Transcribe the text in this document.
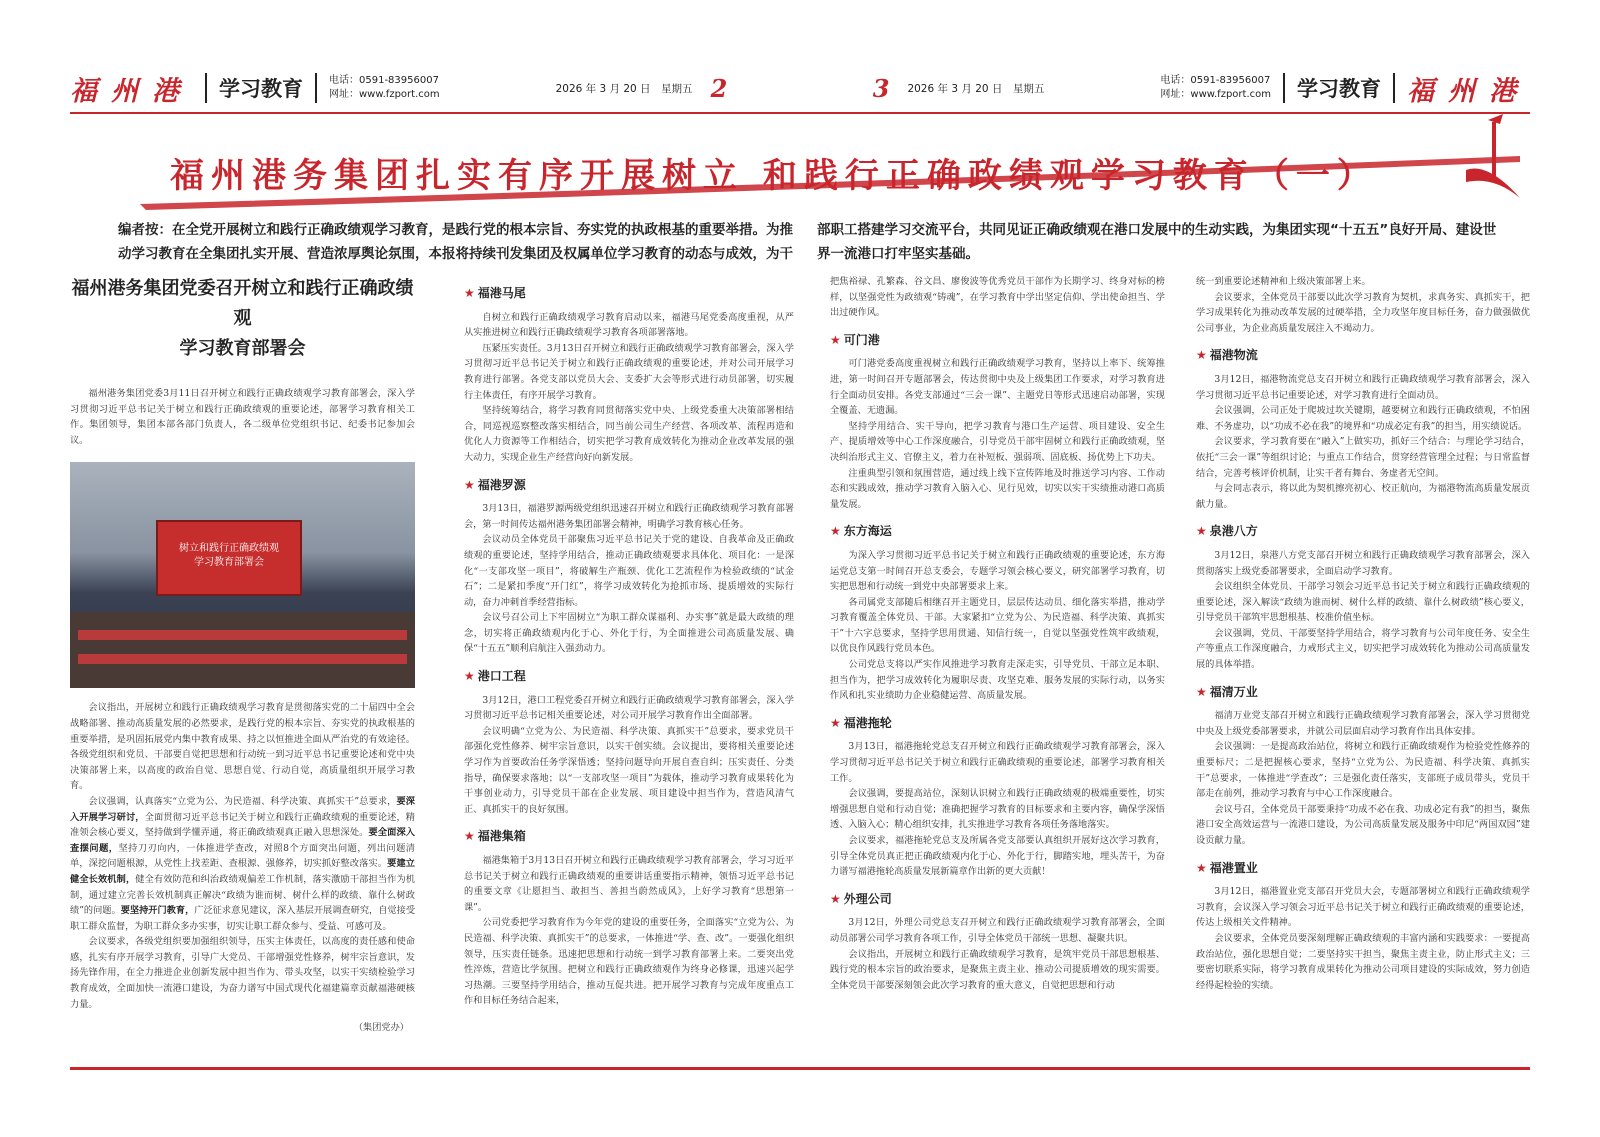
福州港 学习教育	电话：0591-83956007
网址：www.fzport.com	2026 年 3 月 20 日　星期五 2	3 2026 年 3 月 20 日　星期五
电话：0591-83956007
网址：www.fzport.com 学习教育 福州港
福州港务集团扎实有序开展树立 和践行正确政绩观学习教育（一）
编者按：在全党开展树立和践行正确政绩观学习教育，是践行党的根本宗旨、夯实党的执政根基的重要举措。为推动学习教育在全集团扎实开展、营造浓厚舆论氛围，本报将持续刊发集团及权属单位学习教育的动态与成效，为干部职工搭建学习交流平台，共同见证正确政绩观在港口发展中的生动实践，为集团实现“十五五”良好开局、建设世界一流港口打牢坚实基础。
福州港务集团党委召开树立和践行正确政绩观
学习教育部署会

福州港务集团党委3月11日召开树立和践行正确政绩观学习教育部署会，深入学习贯彻习近平总书记关于树立和践行正确政绩观的重要论述，部署学习教育相关工作。集团领导，集团本部各部门负责人，各二级单位党组织书记、纪委书记参加会议。

树立和践行正确政绩观
学习教育部署会

会议指出，开展树立和践行正确政绩观学习教育是贯彻落实党的二十届四中全会战略部署、推动高质量发展的必然要求，是践行党的根本宗旨、夯实党的执政根基的重要举措，是巩固拓展党内集中教育成果、持之以恒推进全面从严治党的有效途径。各级党组织和党员、干部要自觉把思想和行动统一到习近平总书记重要论述和党中央决策部署上来，以高度的政治自觉、思想自觉、行动自觉，高质量组织开展学习教育。

会议强调，认真落实“立党为公、为民造福、科学决策、真抓实干”总要求，要深入开展学习研讨，全面贯彻习近平总书记关于树立和践行正确政绩观的重要论述，精准领会核心要义，坚持做到学懂弄通，将正确政绩观真正融入思想深处。要全面深入查摆问题，坚持刀刃向内，一体推进学查改，对照8个方面突出问题，列出问题清单，深挖问题根源，从党性上找差距、查根源、强修养，切实抓好整改落实。要建立健全长效机制，健全有效防范和纠治政绩观偏差工作机制，落实激励干部担当作为机制，通过建立完善长效机制真正解决“政绩为谁而树、树什么样的政绩、靠什么树政绩”的问题。要坚持开门教育，广泛征求意见建议，深入基层开展调查研究，自觉接受职工群众监督，为职工群众多办实事，切实让职工群众参与、受益、可感可及。

会议要求，各级党组织要加强组织领导，压实主体责任，以高度的责任感和使命感，扎实有序开展学习教育，引导广大党员、干部增强党性修养，树牢宗旨意识，发扬先锋作用，在全力推进企业创新发展中担当作为、带头攻坚，以实干实绩检验学习教育成效，全面加快一流港口建设，为奋力谱写中国式现代化福建篇章贡献福港硬核力量。

（集团党办）
★ 福港马尾

自树立和践行正确政绩观学习教育启动以来，福港马尾党委高度重视，从严从实推进树立和践行正确政绩观学习教育各项部署落地。

压紧压实责任。3月13日召开树立和践行正确政绩观学习教育部署会，深入学习贯彻习近平总书记关于树立和践行正确政绩观的重要论述，并对公司开展学习教育进行部署。各党支部以党员大会、支委扩大会等形式进行动员部署，切实履行主体责任，有序开展学习教育。

坚持统筹结合，将学习教育同贯彻落实党中央、上级党委重大决策部署相结合，同巡视巡察整改落实相结合，同当前公司生产经营、各项改革、流程再造和优化人力资源等工作相结合，切实把学习教育成效转化为推动企业改革发展的强大动力，实现企业生产经营向好向新发展。

★ 福港罗源

3月13日，福港罗源两级党组织迅速召开树立和践行正确政绩观学习教育部署会，第一时间传达福州港务集团部署会精神，明确学习教育核心任务。

会议动员全体党员干部聚焦习近平总书记关于党的建设、自我革命及正确政绩观的重要论述，坚持学用结合，推动正确政绩观要求具体化、项目化：一是深化“一支部攻坚一项目”，将破解生产瓶颈、优化工艺流程作为检验政绩的“试金石”；二是紧扣季度“开门红”，将学习成效转化为抢抓市场、提质增效的实际行动，奋力冲刺首季经营指标。

会议号召公司上下牢固树立“为职工群众谋福利、办实事”就是最大政绩的理念，切实将正确政绩观内化于心、外化于行，为全面推进公司高质量发展、确保“十五五”顺利启航注入强劲动力。

★ 港口工程

3月12日，港口工程党委召开树立和践行正确政绩观学习教育部署会，深入学习贯彻习近平总书记相关重要论述，对公司开展学习教育作出全面部署。

会议明确“立党为公、为民造福、科学决策、真抓实干”总要求，要求党员干部强化党性修养、树牢宗旨意识，以实干创实绩。会议提出，要将相关重要论述学习作为首要政治任务学深悟透；坚持问题导向开展自查自纠；压实责任、分类指导，确保要求落地；以“一支部攻坚一项目”为载体，推动学习教育成果转化为干事创业动力，引导党员干部在企业发展、项目建设中担当作为，营造风清气正、真抓实干的良好氛围。

★ 福港集箱

福港集箱于3月13日召开树立和践行正确政绩观学习教育部署会，学习习近平总书记关于树立和践行正确政绩观的重要讲话重要指示精神，领悟习近平总书记的重要文章《让愿担当、敢担当、善担当蔚然成风》，上好学习教育“思想第一课”。

公司党委把学习教育作为今年党的建设的重要任务，全面落实“立党为公、为民造福、科学决策、真抓实干”的总要求，一体推进“学、查、改”。一要强化组织领导，压实责任链条。迅速把思想和行动统一到学习教育部署上来。二要突出党性淬炼，营造比学氛围。把树立和践行正确政绩观作为终身必修课，迅速兴起学习热潮。三要坚持学用结合，推动互促共进。把开展学习教育与完成年度重点工作和目标任务结合起来，

把焦裕禄、孔繁森、谷文昌、廖俊波等优秀党员干部作为长期学习、终身对标的榜样，以坚强党性为政绩观“铸魂”，在学习教育中学出坚定信仰、学出使命担当、学出过硬作风。

★ 可门港

可门港党委高度重视树立和践行正确政绩观学习教育，坚持以上率下、统筹推进，第一时间召开专题部署会，传达贯彻中央及上级集团工作要求，对学习教育进行全面动员安排。各党支部通过“三会一课”、主题党日等形式迅速启动部署，实现全覆盖、无遗漏。

坚持学用结合、实干导向，把学习教育与港口生产运营、项目建设、安全生产、提质增效等中心工作深度融合，引导党员干部牢固树立和践行正确政绩观，坚决纠治形式主义、官僚主义，着力在补短板、强弱项、固底板、扬优势上下功夫。

注重典型引领和氛围营造，通过线上线下宣传阵地及时推送学习内容、工作动态和实践成效，推动学习教育入脑入心、见行见效，切实以实干实绩推动港口高质量发展。

★ 东方海运

为深入学习贯彻习近平总书记关于树立和践行正确政绩观的重要论述，东方海运党总支第一时间召开总支委会，专题学习领会核心要义，研究部署学习教育，切实把思想和行动统一到党中央部署要求上来。

各司属党支部随后相继召开主题党日，层层传达动员、细化落实举措，推动学习教育覆盖全体党员、干部。大家紧扣“立党为公、为民造福、科学决策、真抓实干”十六字总要求，坚持学思用贯通、知信行统一，自觉以坚强党性筑牢政绩观，以优良作风践行党员本色。

公司党总支将以严实作风推进学习教育走深走实，引导党员、干部立足本职、担当作为，把学习成效转化为履职尽责、攻坚克难、服务发展的实际行动，以务实作风和扎实业绩助力企业稳健运营、高质量发展。

★ 福港拖轮

3月13日，福港拖轮党总支召开树立和践行正确政绩观学习教育部署会，深入学习贯彻习近平总书记关于树立和践行正确政绩观的重要论述，部署学习教育相关工作。

会议强调，要提高站位，深刻认识树立和践行正确政绩观的极端重要性，切实增强思想自觉和行动自觉；准确把握学习教育的目标要求和主要内容，确保学深悟透、入脑入心；精心组织安排，扎实推进学习教育各项任务落地落实。

会议要求，福港拖轮党总支及所属各党支部要认真组织开展好这次学习教育，引导全体党员真正把正确政绩观内化于心、外化于行，脚踏实地，埋头苦干，为奋力谱写福港拖轮高质量发展新篇章作出新的更大贡献！

★ 外理公司

3月12日，外理公司党总支召开树立和践行正确政绩观学习教育部署会，全面动员部署公司学习教育各项工作，引导全体党员干部统一思想、凝聚共识。

会议指出，开展树立和践行正确政绩观学习教育，是筑牢党员干部思想根基、践行党的根本宗旨的政治要求，是聚焦主责主业、推动公司提质增效的现实需要。全体党员干部要深刻领会此次学习教育的重大意义，自觉把思想和行动

统一到重要论述精神和上级决策部署上来。

会议要求，全体党员干部要以此次学习教育为契机，求真务实、真抓实干，把学习成果转化为推动改革发展的过硬举措，全力攻坚年度目标任务，奋力做强做优公司事业，为企业高质量发展注入不竭动力。

★ 福港物流

3月12日，福港物流党总支召开树立和践行正确政绩观学习教育部署会，深入学习贯彻习近平总书记重要论述，对学习教育进行全面动员。

会议强调，公司正处于爬坡过坎关键期，越要树立和践行正确政绩观，不怕困难、不务虚功，以“功成不必在我”的境界和“功成必定有我”的担当，用实绩说话。

会议要求，学习教育要在“融入”上做实功，抓好三个结合：与理论学习结合，依托“三会一课”等组织讨论；与重点工作结合，贯穿经营管理全过程；与日常监督结合，完善考核评价机制，让实干者有舞台、务虚者无空间。

与会同志表示，将以此为契机擦亮初心、校正航向，为福港物流高质量发展贡献力量。

★ 泉港八方

3月12日，泉港八方党支部召开树立和践行正确政绩观学习教育部署会，深入贯彻落实上级党委部署要求，全面启动学习教育。

会议组织全体党员、干部学习领会习近平总书记关于树立和践行正确政绩观的重要论述，深入解读“政绩为谁而树、树什么样的政绩、靠什么树政绩”核心要义，引导党员干部筑牢思想根基、校准价值坐标。

会议强调，党员、干部要坚持学用结合，将学习教育与公司年度任务、安全生产等重点工作深度融合，力戒形式主义，切实把学习成效转化为推动公司高质量发展的具体举措。

★ 福清万业

福清万业党支部召开树立和践行正确政绩观学习教育部署会，深入学习贯彻党中央及上级党委部署要求，并就公司层面启动学习教育作出具体安排。

会议强调：一是提高政治站位，将树立和践行正确政绩观作为检验党性修养的重要标尺；二是把握核心要求，坚持“立党为公、为民造福、科学决策、真抓实干”总要求，一体推进“学查改”；三是强化责任落实，支部班子成员带头，党员干部走在前列，推动学习教育与中心工作深度融合。

会议号召，全体党员干部要秉持“功成不必在我、功成必定有我”的担当，聚焦港口安全高效运营与一流港口建设，为公司高质量发展及服务中印尼“两国双园”建设贡献力量。

★ 福港置业

3月12日，福港置业党支部召开党员大会，专题部署树立和践行正确政绩观学习教育，会议深入学习领会习近平总书记关于树立和践行正确政绩观的重要论述，传达上级相关文件精神。

会议要求，全体党员要深刻理解正确政绩观的丰富内涵和实践要求：一要提高政治站位，强化思想自觉；二要坚持实干担当，聚焦主责主业，防止形式主义；三要密切联系实际，将学习教育成果转化为推动公司项目建设的实际成效，努力创造经得起检验的实绩。
